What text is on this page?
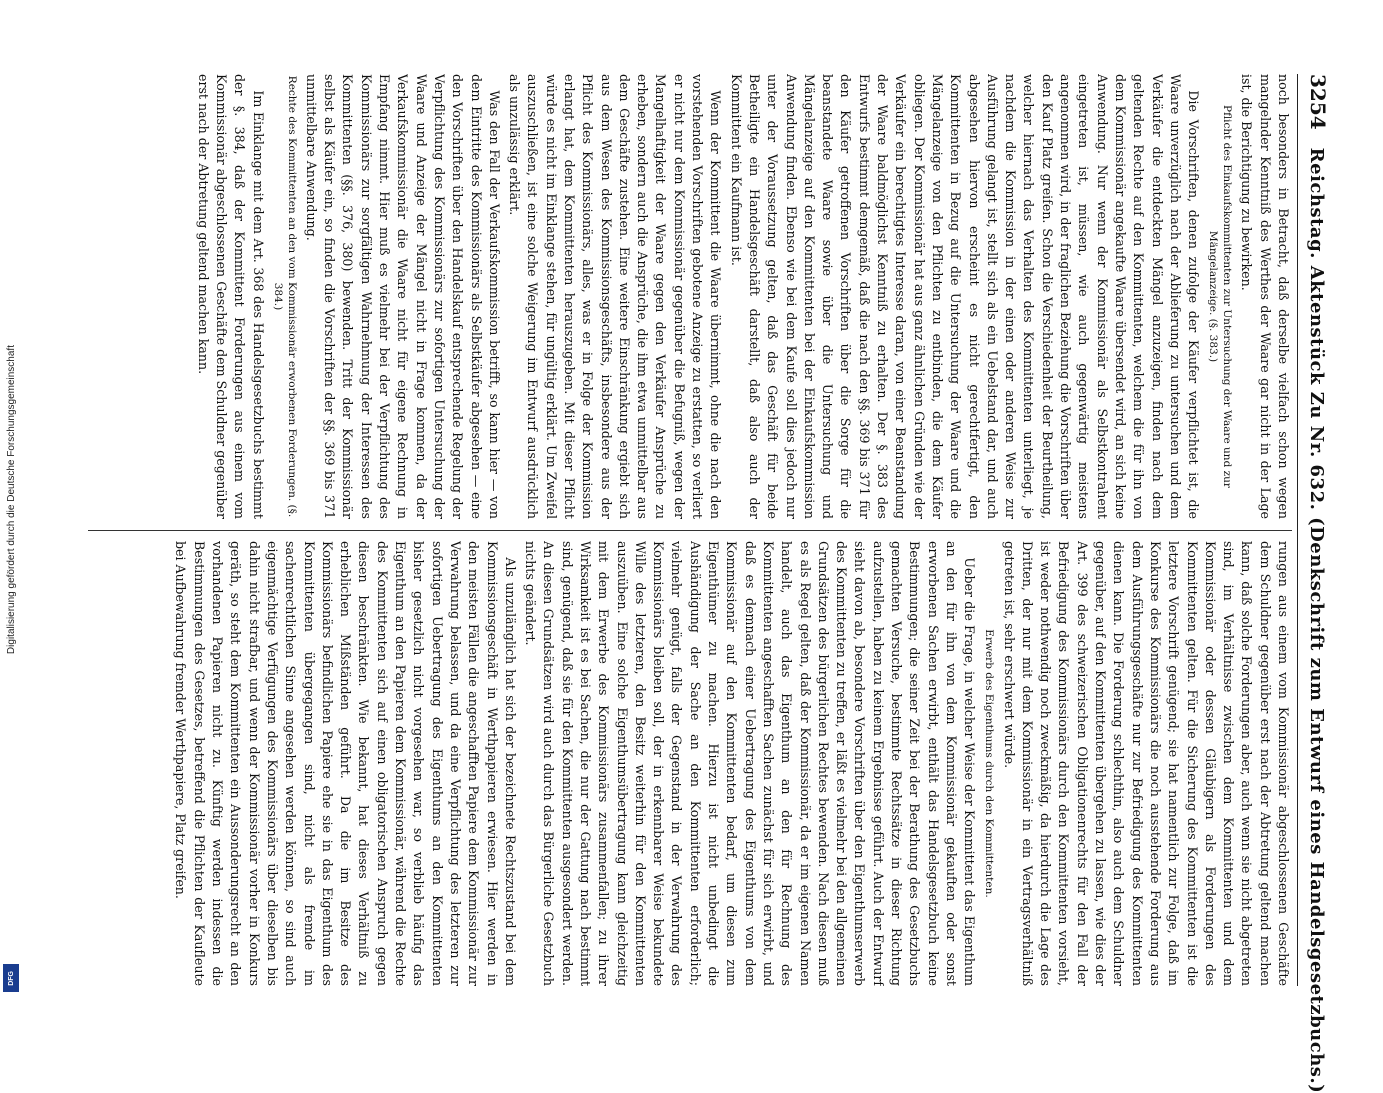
Digitalisierung gefördert durch die Deutsche Forschungsgemeinschaft
DFG
3254
Reichstag. Aktenstück Zu Nr. 632. (Denkschrift zum Entwurf eines Handelsgesetzbuchs.)

noch besonders in Betracht, daß derselbe vielfach schon wegen mangelnder Kenntniß des Werthes der Waare gar nicht in der Lage ist, die Berichtigung zu bewirken.

Pflicht des Einkaufskommittenten zur Untersuchung der Waare und zur Mängelanzeige. (§. 383.)

Die Vorschriften, denen zufolge der Käufer verpflichtet ist, die Waare unverzüglich nach der Ablieferung zu untersuchen und dem Verkäufer die entdeckten Mängel anzuzeigen, finden nach dem geltenden Rechte auf den Kommittenten, welchem die für ihn von dem Kommissionär angekaufte Waare übersendet wird, an sich keine Anwendung. Nur wenn der Kommissionär als Selbstkontrahent eingetreten ist, müssen, wie auch gegenwärtig meistens angenommen wird, in der fraglichen Beziehung die Vorschriften über den Kauf Platz greifen. Schon die Verschiedenheit der Beurtheilung, welcher hiernach das Verhalten des Kommittenten unterliegt, je nachdem die Kommission in der einen oder anderen Weise zur Ausführung gelangt ist, stellt sich als ein Uebelstand dar, und auch abgesehen hiervon erscheint es nicht gerechtfertigt, den Kommittenten in Bezug auf die Untersuchung der Waare und die Mängelanzeige von den Pflichten zu entbinden, die dem Käufer obliegen. Der Kommissionär hat aus ganz ähnlichen Gründen wie der Verkäufer ein berechtigtes Interesse daran, von einer Beanstandung der Waare baldmöglichst Kenntniß zu erhalten. Der §. 383 des Entwurfs bestimmt demgemäß, daß die nach den §§. 369 bis 371 für den Käufer getroffenen Vorschriften über die Sorge für die beanstandete Waare sowie über die Untersuchung und Mängelanzeige auf den Kommittenten bei der Einkaufskommission Anwendung finden. Ebenso wie bei dem Kaufe soll dies jedoch nur unter der Voraussetzung gelten, daß das Geschäft für beide Betheiligte ein Handelsgeschäft darstellt, daß also auch der Kommittent ein Kaufmann ist.

Wenn der Kommittent die Waare übernimmt, ohne die nach den vorstehenden Vorschriften gebotene Anzeige zu erstatten, so verliert er nicht nur dem Kommissionär gegenüber die Befugniß, wegen der Mangelhaftigkeit der Waare gegen den Verkäufer Ansprüche zu erheben, sondern auch die Ansprüche, die ihm etwa unmittelbar aus dem Geschäfte zustehen. Eine weitere Einschränkung ergiebt sich aus dem Wesen des Kommissionsgeschäfts, insbesondere aus der Pflicht des Kommissionärs, alles, was er in Folge der Kommission erlangt hat, dem Kommittenten herauszugeben. Mit dieser Pflicht würde es nicht im Einklange stehen, für ungültig erklärt. Um Zweifel auszuschließen, ist eine solche Weigerung im Entwurf ausdrücklich als unzulässig erklärt.

Was den Fall der Verkaufskommission betrifft, so kann hier — von dem Eintritte des Kommissionärs als Selbstkäufer abgesehen — eine den Vorschriften über den Handelskauf entsprechende Regelung der Verpflichtung des Kommissionärs zur sofortigen Untersuchung der Waare und Anzeige der Mängel nicht in Frage kommen, da der Verkaufskommissionär die Waare nicht für eigene Rechnung in Empfang nimmt. Hier muß es vielmehr bei der Verpflichtung des Kommissionärs zur sorgfältigen Wahrnehmung der Interessen des Kommittenten (§§. 376, 380) bewenden. Tritt der Kommissionär selbst als Käufer ein, so finden die Vorschriften der §§. 369 bis 371 unmittelbare Anwendung.

Rechte des Kommittenten an den vom Kommissionär erworbenen Forderungen. (§. 384.)

Im Einklange mit dem Art. 368 des Handelsgesetzbuchs bestimmt der §. 384, daß der Kommittent Forderungen aus einem vom Kommissionär abgeschlossenen Geschäfte dem Schuldner gegenüber erst nach der Abtretung geltend machen kann.

rungen aus einem vom Kommissionär abgeschlossenen Geschäfte dem Schuldner gegenüber erst nach der Abtretung geltend machen kann, daß solche Forderungen aber, auch wenn sie nicht abgetreten sind, im Verhältnisse zwischen dem Kommittenten und dem Kommissionär oder dessen Gläubigern als Forderungen des Kommittenten gelten. Für die Sicherung des Kommittenten ist die letztere Vorschrift genügend; sie hat namentlich zur Folge, daß im Konkurse des Kommissionärs die noch ausstehende Forderung aus dem Ausführungsgeschäfte nur zur Befriedigung des Kommittenten dienen kann. Die Forderung schlechthin, also auch dem Schuldner gegenüber, auf den Kommittenten übergehen zu lassen, wie dies der Art. 399 des schweizerischen Obligationenrechts für den Fall der Befriedigung des Kommissionärs durch den Kommittenten vorsieht, ist weder nothwendig noch zweckmäßig, da hierdurch die Lage des Dritten, der nur mit dem Kommissionär in ein Vertragsverhältniß getreten ist, sehr erschwert würde.

Erwerb des Eigenthums durch den Kommittenten.

Ueber die Frage, in welcher Weise der Kommittent das Eigenthum an den für ihn von dem Kommissionär gekauften oder sonst erworbenen Sachen erwirbt, enthält das Handelsgesetzbuch keine Bestimmungen; die seiner Zeit bei der Berathung des Gesetzbuchs gemachten Versuche, bestimmte Rechtssätze in dieser Richtung aufzustellen, haben zu keinem Ergebnisse geführt. Auch der Entwurf sieht davon ab, besondere Vorschriften über den Eigenthumserwerb des Kommittenten zu treffen, er läßt es vielmehr bei den allgemeinen Grundsätzen des bürgerlichen Rechtes bewenden. Nach diesen muß es als Regel gelten, daß der Kommissionär, da er im eigenen Namen handelt, auch das Eigenthum an den für Rechnung des Kommittenten angeschafften Sachen zunächst für sich erwirbt, und daß es demnach einer Uebertragung des Eigenthums von dem Kommissionär auf den Kommittenten bedarf, um diesen zum Eigenthümer zu machen. Hierzu ist nicht unbedingt die Aushändigung der Sache an den Kommittenten erforderlich; vielmehr genügt, falls der Gegenstand in der Verwahrung des Kommissionärs bleiben soll, der in erkennbarer Weise bekundete Wille des letzteren, den Besitz weiterhin für den Kommittenten auszuüben. Eine solche Eigenthumsübertragung kann gleichzeitig mit dem Erwerbe des Kommissionärs zusammenfallen; zu ihrer Wirksamkeit ist es bei Sachen, die nur der Gattung nach bestimmt sind, genügend, daß sie für den Kommittenten ausgesondert werden. An diesen Grundsätzen wird auch durch das Bürgerliche Gesetzbuch nichts geändert.

Als unzulänglich hat sich der bezeichnete Rechtszustand bei dem Kommissionsgeschäft in Werthpapieren erwiesen. Hier werden in den meisten Fällen die angeschafften Papiere dem Kommissionär zur Verwahrung belassen, und da eine Verpflichtung des letzteren zur sofortigen Uebertragung des Eigenthums an den Kommittenten bisher gesetzlich nicht vorgesehen war, so verblieb häufig das Eigenthum an den Papieren dem Kommissionär, während die Rechte des Kommittenten sich auf einen obligatorischen Anspruch gegen diesen beschränkten. Wie bekannt, hat dieses Verhältniß zu erheblichen Mißständen geführt. Da die im Besitze des Kommissionärs befindlichen Papiere ehe sie in das Eigenthum des Kommittenten übergegangen sind, nicht als fremde im sachenrechtlichen Sinne angesehen werden können, so sind auch eigenmächtige Verfügungen des Kommissionärs über dieselben bis dahin nicht strafbar, und wenn der Kommissionär vorher in Konkurs geräth, so steht dem Kommittenten ein Aussonderungsrecht an den vorhandenen Papieren nicht zu. Künftig werden indessen die Bestimmungen des Gesetzes, betreffend die Pflichten der Kaufleute bei Aufbewahrung fremder Werthpapiere, Platz greifen.
